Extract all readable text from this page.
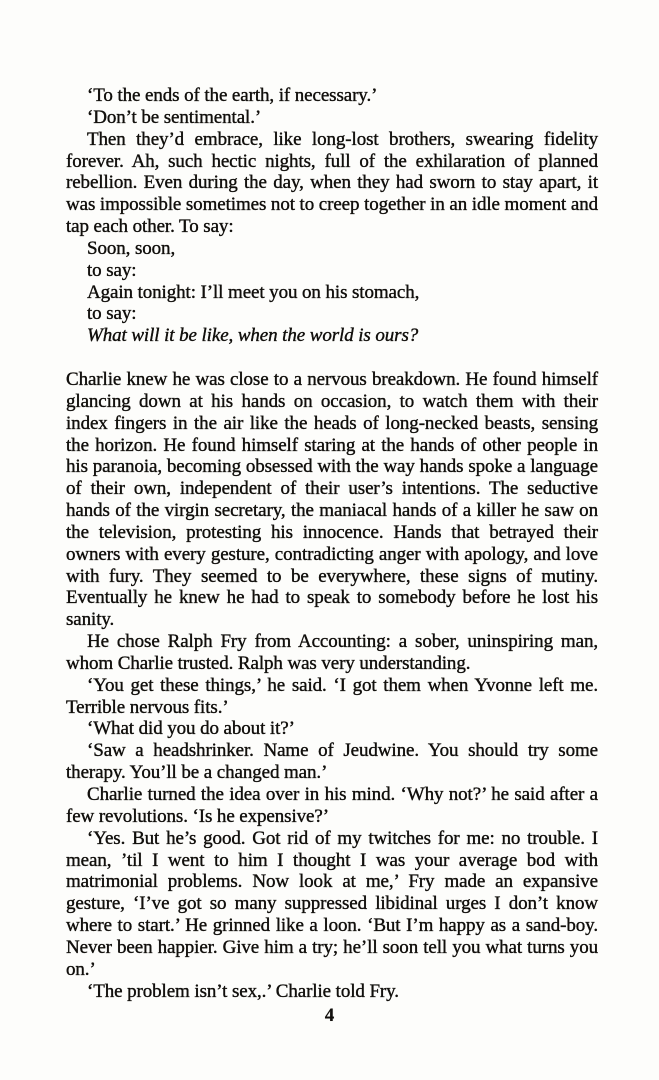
‘To the ends of the earth, if necessary.’

‘Don’t be sentimental.’

Then they’d embrace, like long-lost brothers, swearing fidelity forever. Ah, such hectic nights, full of the exhilaration of planned rebellion. Even during the day, when they had sworn to stay apart, it was impossible sometimes not to creep together in an idle moment and tap each other. To say:

Soon, soon,

to say:

Again tonight: I’ll meet you on his stomach,

to say:

What will it be like, when the world is ours?

Charlie knew he was close to a nervous breakdown. He found himself glancing down at his hands on occasion, to watch them with their index fingers in the air like the heads of long-necked beasts, sensing the horizon. He found himself staring at the hands of other people in his paranoia, becoming obsessed with the way hands spoke a language of their own, independent of their user’s intentions. The seductive hands of the virgin secretary, the maniacal hands of a killer he saw on the television, protesting his innocence. Hands that betrayed their owners with every gesture, contradicting anger with apology, and love with fury. They seemed to be everywhere, these signs of mutiny. Eventually he knew he had to speak to somebody before he lost his sanity.

He chose Ralph Fry from Accounting: a sober, uninspiring man, whom Charlie trusted. Ralph was very understanding.

‘You get these things,’ he said. ‘I got them when Yvonne left me. Terrible nervous fits.’

‘What did you do about it?’

‘Saw a headshrinker. Name of Jeudwine. You should try some therapy. You’ll be a changed man.’

Charlie turned the idea over in his mind. ‘Why not?’ he said after a few revolutions. ‘Is he expensive?’

‘Yes. But he’s good. Got rid of my twitches for me: no trouble. I mean, ’til I went to him I thought I was your average bod with matrimonial problems. Now look at me,’ Fry made an expansive gesture, ‘I’ve got so many suppressed libidinal urges I don’t know where to start.’ He grinned like a loon. ‘But I’m happy as a sand-boy. Never been happier. Give him a try; he’ll soon tell you what turns you on.’

‘The problem isn’t sex,.’ Charlie told Fry.

4
